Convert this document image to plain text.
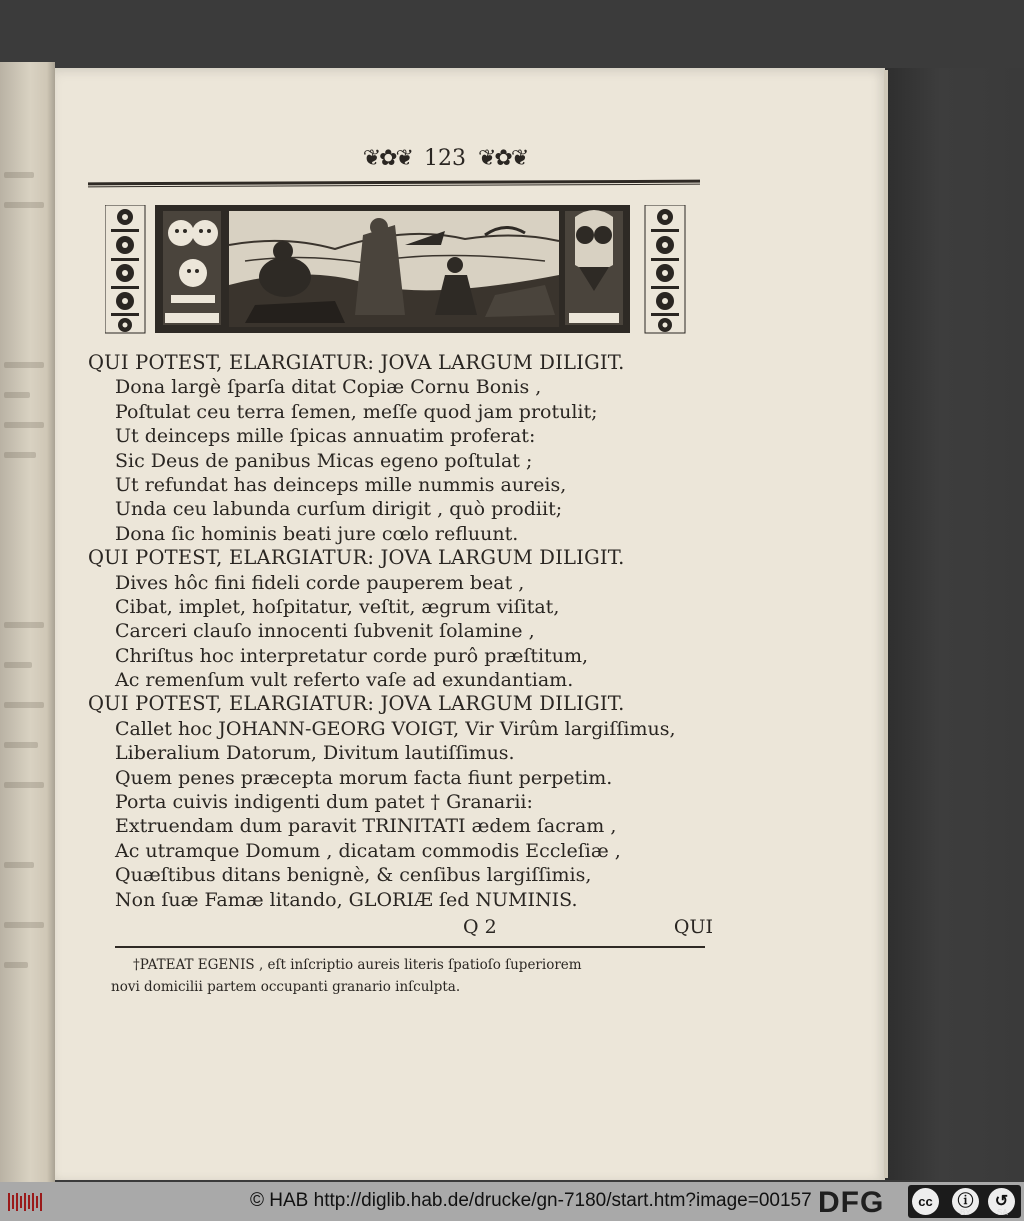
❦✿❦ 123 ❦✿❦
QUI POTEST, ELARGIATUR: JOVA LARGUM DILIGIT.
Dona largè ſparſa ditat Copiæ Cornu Bonis ,
Poſtulat ceu terra ſemen, meſſe quod jam protulit;
Ut deinceps mille ſpicas annuatim proferat:
Sic Deus de panibus Micas egeno poſtulat ;
Ut refundat has deinceps mille nummis aureis,
Unda ceu labunda curſum dirigit , quò prodiit;
Dona ſic hominis beati jure cœlo refluunt.
QUI POTEST, ELARGIATUR: JOVA LARGUM DILIGIT.
Dives hôc fini fideli corde pauperem beat ,
Cibat, implet, hoſpitatur, veſtit, ægrum viſitat,
Carceri clauſo innocenti ſubvenit ſolamine ,
Chriſtus hoc interpretatur corde purô præſtitum,
Ac remenſum vult referto vaſe ad exundantiam.
QUI POTEST, ELARGIATUR: JOVA LARGUM DILIGIT.
Callet hoc JOHANN-GEORG VOIGT, Vir Virûm largiſſimus,
Liberalium Datorum, Divitum lautiſſimus.
Quem penes præcepta morum facta fiunt perpetim.
Porta cuivis indigenti dum patet † Granarii:
Extruendam dum paravit TRINITATI ædem ſacram ,
Ac utramque Domum , dicatam commodis Eccleſiæ ,
Quæſtibus ditans benignè, & cenſibus largiſſimis,
Non ſuæ Famæ litando, GLORIÆ ſed NUMINIS.
Q 2	QUI
†PATEAT EGENIS , eſt inſcriptio aureis literis ſpatioſo ſuperiorem
novi domicilii partem occupanti granario inſculpta.
© HAB http://diglib.hab.de/drucke/gn-7180/start.htm?image=00157 DFG	cc	ⓘ	↺
BY	SA
